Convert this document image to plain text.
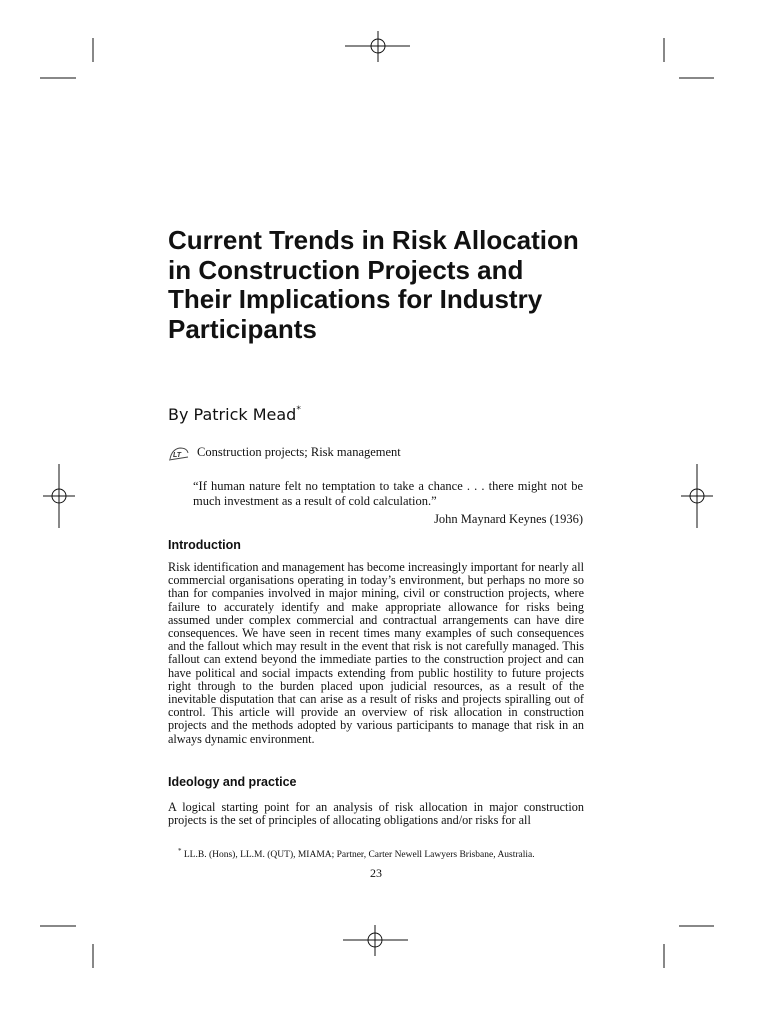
Current Trends in Risk Allocation in Construction Projects and Their Implications for Industry Participants

By Patrick Mead*

LT Construction projects; Risk management

“If human nature felt no temptation to take a chance . . . there might not be much investment as a result of cold calculation.”

John Maynard Keynes (1936)

Introduction

Risk identification and management has become increasingly important for nearly all commercial organisations operating in today’s environment, but perhaps no more so than for companies involved in major mining, civil or construction projects, where failure to accurately identify and make appropriate allowance for risks being assumed under complex commercial and contractual arrangements can have dire consequences. We have seen in recent times many examples of such consequences and the fallout which may result in the event that risk is not carefully managed. This fallout can extend beyond the immediate parties to the construction project and can have political and social impacts extending from public hostility to future projects right through to the burden placed upon judicial resources, as a result of the inevitable disputation that can arise as a result of risks and projects spiralling out of control. This article will provide an overview of risk allocation in construction projects and the methods adopted by various participants to manage that risk in an always dynamic environment.

Ideology and practice

A logical starting point for an analysis of risk allocation in major construction projects is the set of principles of allocating obligations and/or risks for all

* LL.B. (Hons), LL.M. (QUT), MIAMA; Partner, Carter Newell Lawyers Brisbane, Australia.

23
